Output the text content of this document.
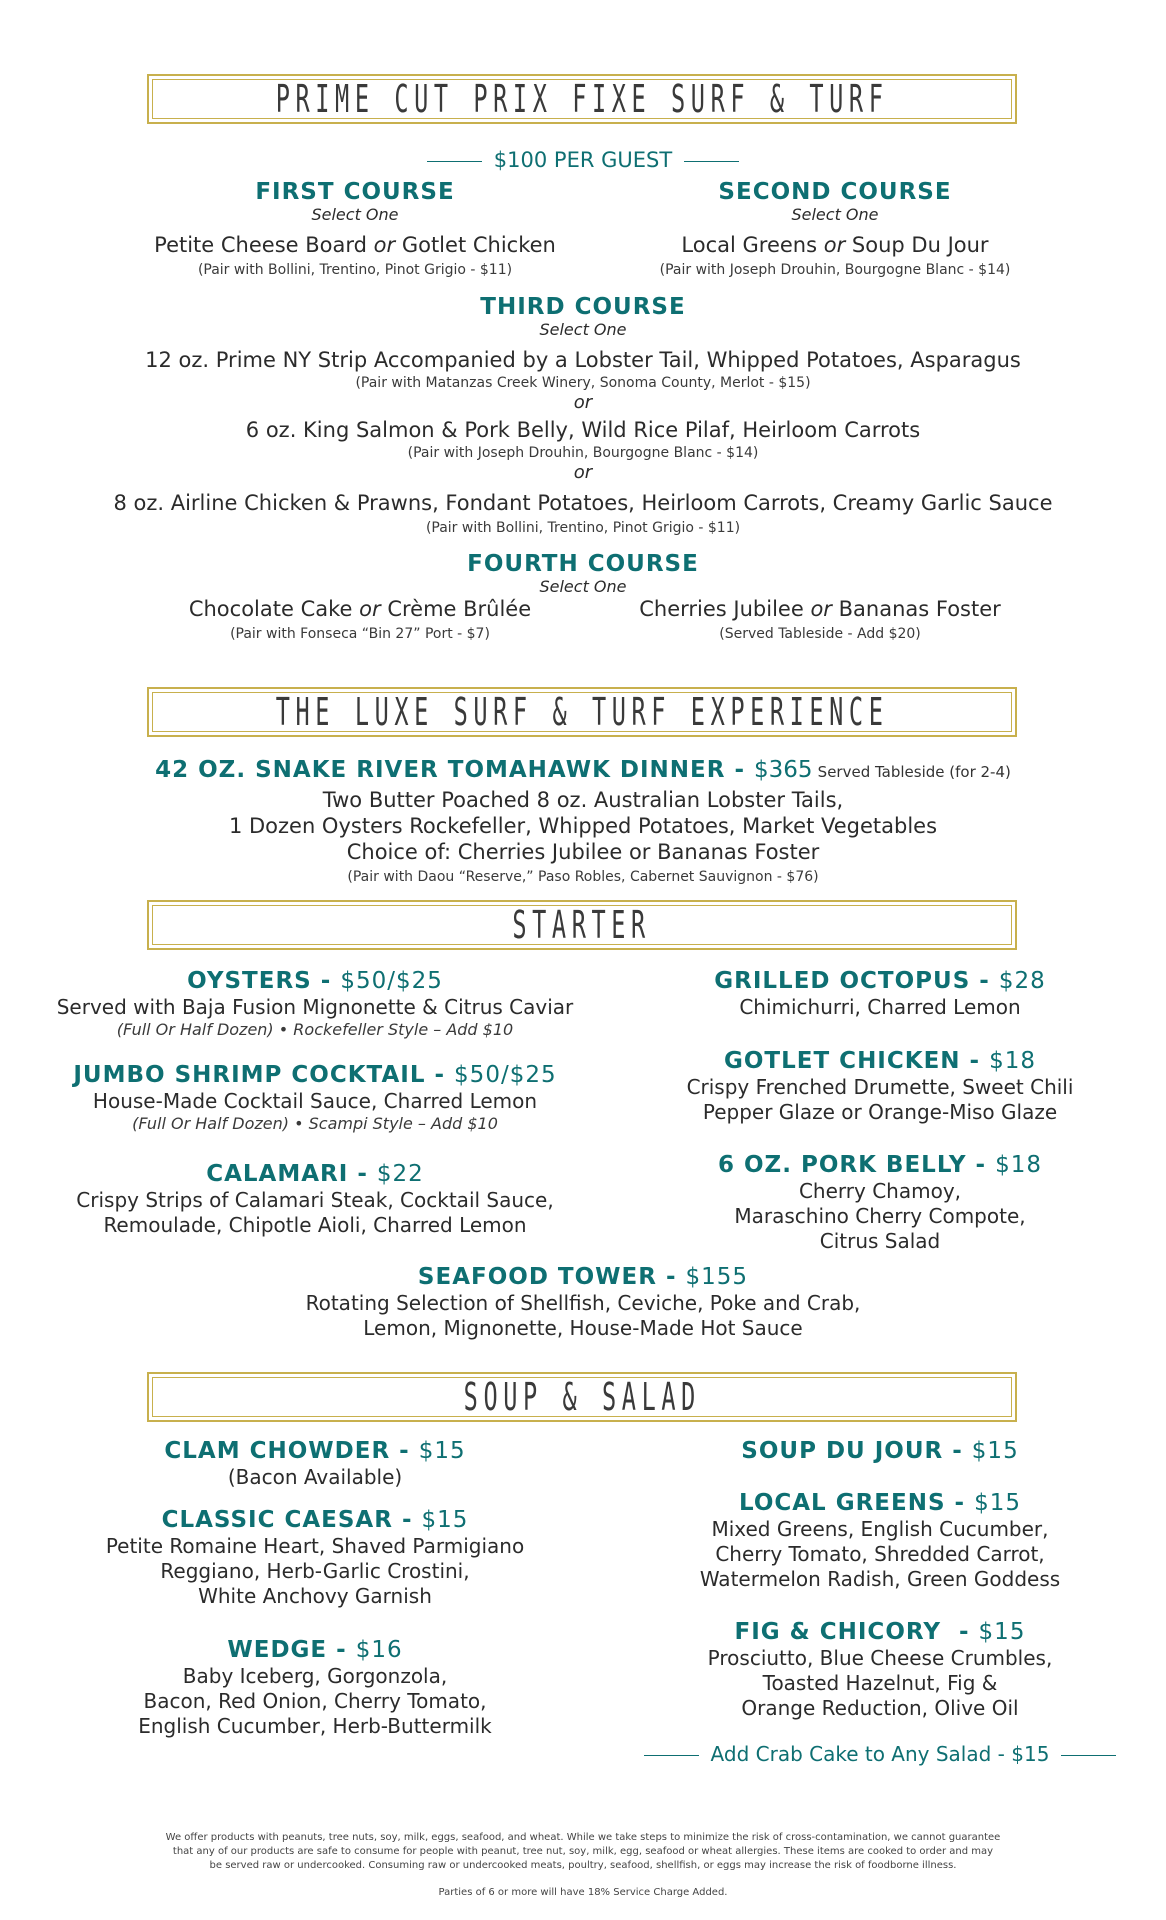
PRIME CUT PRIX FIXE SURF & TURF
$100 PER GUEST
FIRST COURSE
Select One
Petite Cheese Board or Gotlet Chicken
(Pair with Bollini, Trentino, Pinot Grigio - $11)
SECOND COURSE
Select One
Local Greens or Soup Du Jour
(Pair with Joseph Drouhin, Bourgogne Blanc - $14)
THIRD COURSE
Select One
12 oz. Prime NY Strip Accompanied by a Lobster Tail, Whipped Potatoes, Asparagus
(Pair with Matanzas Creek Winery, Sonoma County, Merlot - $15)
or
6 oz. King Salmon & Pork Belly, Wild Rice Pilaf, Heirloom Carrots
(Pair with Joseph Drouhin, Bourgogne Blanc - $14)
or
8 oz. Airline Chicken & Prawns, Fondant Potatoes, Heirloom Carrots, Creamy Garlic Sauce
(Pair with Bollini, Trentino, Pinot Grigio - $11)
FOURTH COURSE
Select One
Chocolate Cake or Crème Brûlée
(Pair with Fonseca “Bin 27” Port - $7)
Cherries Jubilee or Bananas Foster
(Served Tableside - Add $20)
THE LUXE SURF & TURF EXPERIENCE
42 OZ. SNAKE RIVER TOMAHAWK DINNER - $365 Served Tableside (for 2-4)
Two Butter Poached 8 oz. Australian Lobster Tails,
1 Dozen Oysters Rockefeller, Whipped Potatoes, Market Vegetables
Choice of: Cherries Jubilee or Bananas Foster
(Pair with Daou “Reserve,” Paso Robles, Cabernet Sauvignon - $76)
STARTER
OYSTERS - $50/$25
Served with Baja Fusion Mignonette & Citrus Caviar
(Full Or Half Dozen) • Rockefeller Style – Add $10
JUMBO SHRIMP COCKTAIL - $50/$25
House-Made Cocktail Sauce, Charred Lemon
(Full Or Half Dozen) • Scampi Style – Add $10
CALAMARI - $22
Crispy Strips of Calamari Steak, Cocktail Sauce,
Remoulade, Chipotle Aioli, Charred Lemon
GRILLED OCTOPUS - $28
Chimichurri, Charred Lemon
GOTLET CHICKEN - $18
Crispy Frenched Drumette, Sweet Chili
Pepper Glaze or Orange-Miso Glaze
6 OZ. PORK BELLY - $18
Cherry Chamoy,
Maraschino Cherry Compote,
Citrus Salad
SEAFOOD TOWER - $155
Rotating Selection of Shellfish, Ceviche, Poke and Crab,
Lemon, Mignonette, House-Made Hot Sauce
SOUP & SALAD
CLAM CHOWDER - $15
(Bacon Available)
CLASSIC CAESAR - $15
Petite Romaine Heart, Shaved Parmigiano
Reggiano, Herb-Garlic Crostini,
White Anchovy Garnish
WEDGE - $16
Baby Iceberg, Gorgonzola,
Bacon, Red Onion, Cherry Tomato,
English Cucumber, Herb-Buttermilk
SOUP DU JOUR - $15
LOCAL GREENS - $15
Mixed Greens, English Cucumber,
Cherry Tomato, Shredded Carrot,
Watermelon Radish, Green Goddess
FIG & CHICORY  - $15
Prosciutto, Blue Cheese Crumbles,
Toasted Hazelnut, Fig &
Orange Reduction, Olive Oil
Add Crab Cake to Any Salad - $15
We offer products with peanuts, tree nuts, soy, milk, eggs, seafood, and wheat. While we take steps to minimize the risk of cross-contamination, we cannot guarantee
that any of our products are safe to consume for people with peanut, tree nut, soy, milk, egg, seafood or wheat allergies. These items are cooked to order and may
be served raw or undercooked. Consuming raw or undercooked meats, poultry, seafood, shellfish, or eggs may increase the risk of foodborne illness.
Parties of 6 or more will have 18% Service Charge Added.
